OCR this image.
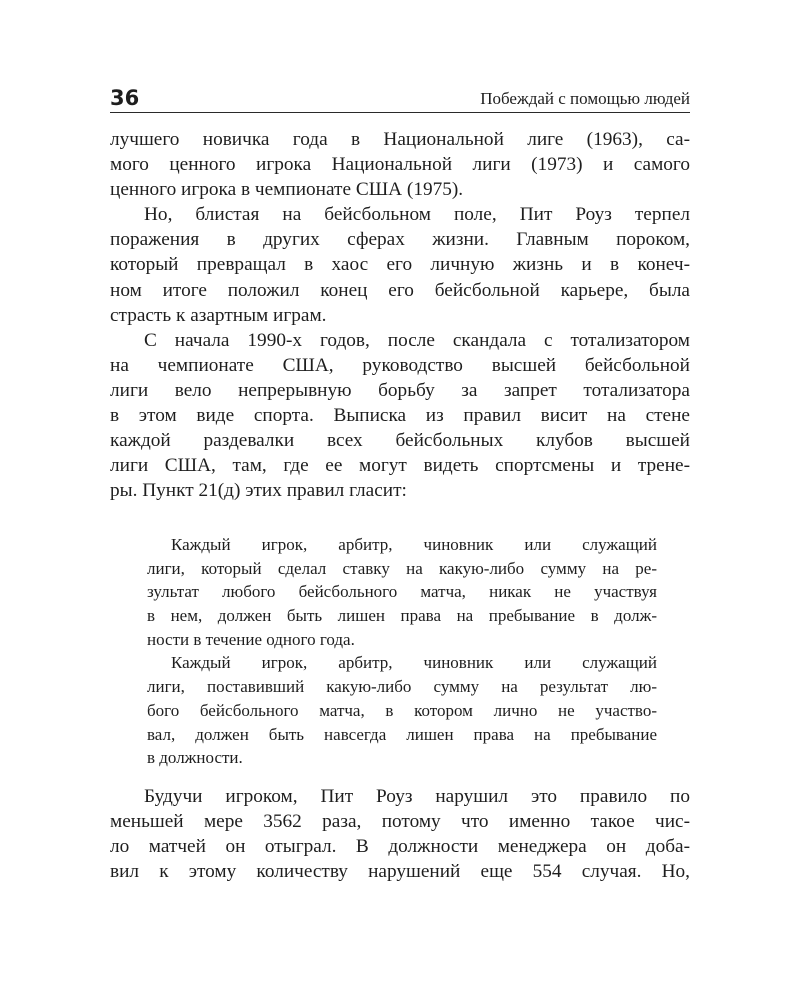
36	Побеждай с помощью людей
лучшего новичка года в Национальной лиге (1963), са-
мого ценного игрока Национальной лиги (1973) и самого
ценного игрока в чемпионате США (1975).
Но, блистая на бейсбольном поле, Пит Роуз терпел
поражения в других сферах жизни. Главным пороком,
который превращал в хаос его личную жизнь и в конеч-
ном итоге положил конец его бейсбольной карьере, была
страсть к азартным играм.
С начала 1990-х годов, после скандала с тотализатором
на чемпионате США, руководство высшей бейсбольной
лиги вело непрерывную борьбу за запрет тотализатора
в этом виде спорта. Выписка из правил висит на стене
каждой раздевалки всех бейсбольных клубов высшей
лиги США, там, где ее могут видеть спортсмены и трене-
ры. Пункт 21(д) этих правил гласит:
Каждый игрок, арбитр, чиновник или служащий
лиги, который сделал ставку на какую-либо сумму на ре-
зультат любого бейсбольного матча, никак не участвуя
в нем, должен быть лишен права на пребывание в долж-
ности в течение одного года.
Каждый игрок, арбитр, чиновник или служащий
лиги, поставивший какую-либо сумму на результат лю-
бого бейсбольного матча, в котором лично не участво-
вал, должен быть навсегда лишен права на пребывание
в должности.
Будучи игроком, Пит Роуз нарушил это правило по
меньшей мере 3562 раза, потому что именно такое чис-
ло матчей он отыграл. В должности менеджера он доба-
вил к этому количеству нарушений еще 554 случая. Но,
